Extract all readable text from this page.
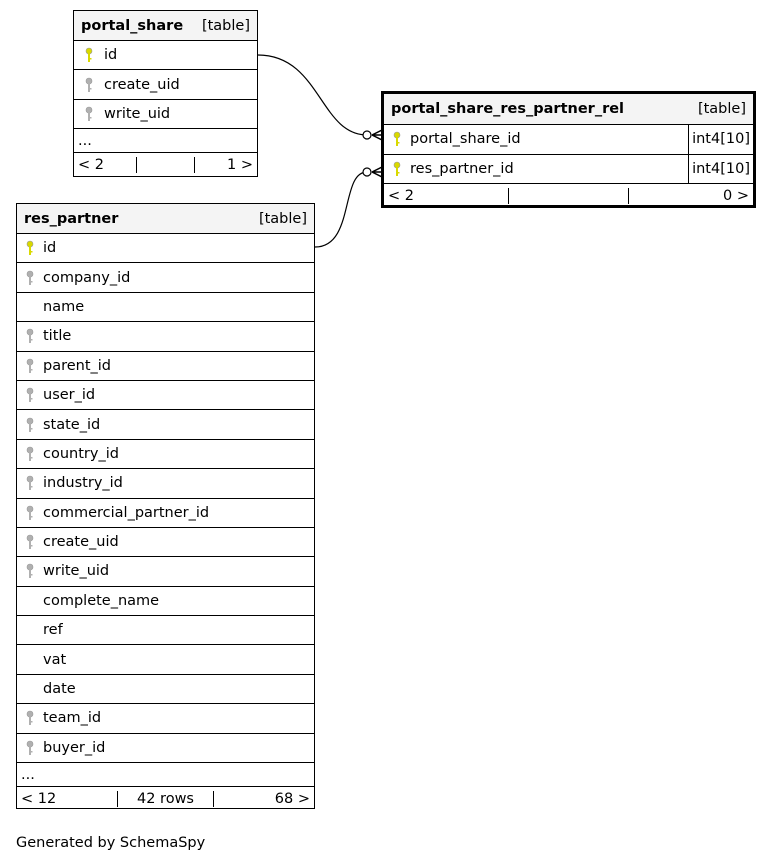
portal_share [table]
id
create_uid
write_uid
...
< 2	1 >
portal_share_res_partner_rel	[table]
portal_share_id	int4[10]
res_partner_id	int4[10]
< 2	0 >
res_partner	[table]
id
company_id
name
title
parent_id
user_id
state_id
country_id
industry_id
commercial_partner_id
create_uid
write_uid
complete_name
ref
vat
date
team_id
buyer_id
...
< 12	42 rows	68 >
Generated by SchemaSpy
